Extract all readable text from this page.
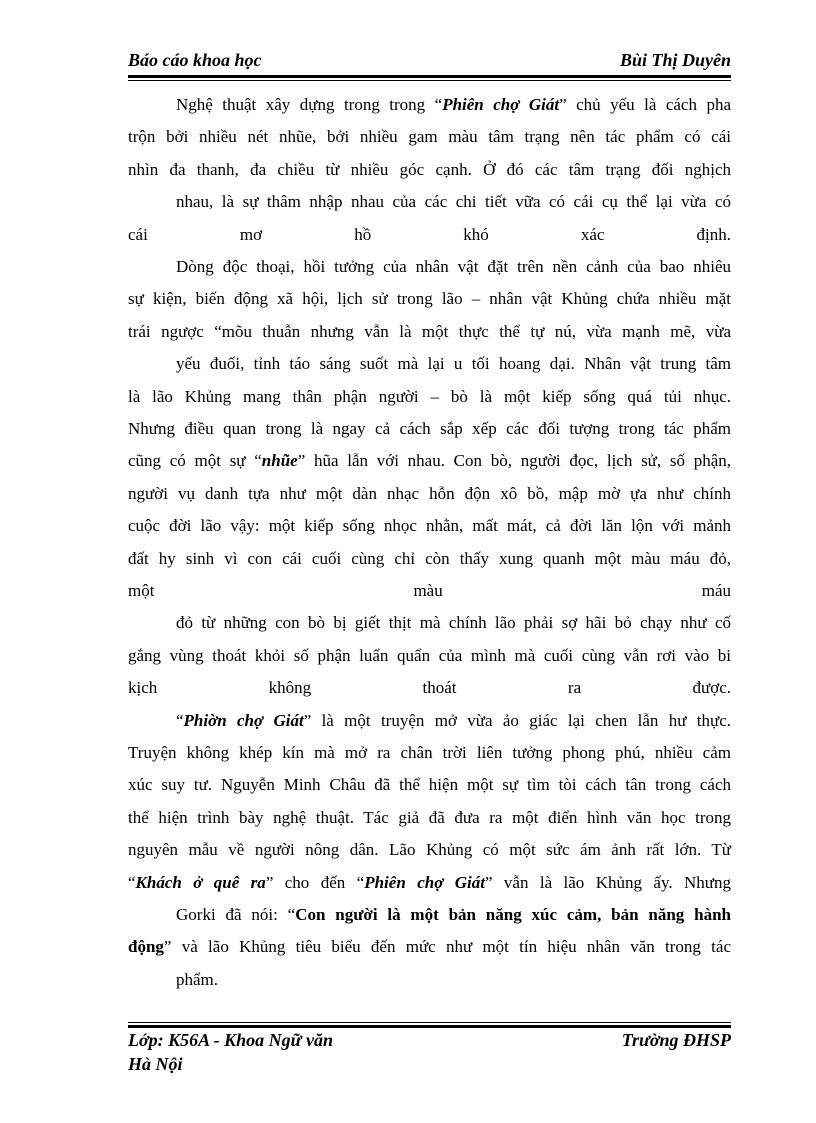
Báo cáo khoa học	Bùi Thị Duyên
Nghệ thuật xây dựng trong trong “Phiên chợ Giát” chủ yếu là cách pha
trộn bởi nhiều nét nhũe, bởi nhiều gam màu tâm trạng nên tác phẩm có cái
nhìn đa thanh, đa chiều từ nhiều góc cạnh. Ở đó các tâm trạng đối nghịch
nhau, là sự thâm nhập nhau của các chi tiết vữa có cái cụ thể lại vừa có
cái mơ hồ khó xác định.
Dòng độc thoại, hồi tưởng của nhân vật đặt trên nền cảnh của bao nhiêu
sự kiện, biến động xã hội, lịch sử trong lão – nhân vật Khủng chứa nhiều mặt
trái ngược “mõu thuẫn nhưng vẫn là một thực thể tự nú, vừa mạnh mẽ, vừa
yếu đuối, tỉnh táo sáng suốt mà lại u tối hoang dại. Nhân vật trung tâm
là lão Khủng mang thân phận người – bò là một kiếp sống quá tủi nhục.
Nhưng điều quan trong là ngay cả cách sắp xếp các đối tượng trong tác phẩm
cũng có một sự “nhũe” hũa lẫn với nhau. Con bò, người đọc, lịch sử, số phận,
người vụ danh tựa như một dàn nhạc hỗn độn xô bồ, mập mờ ựa như chính
cuộc đời lão vậy: một kiếp sống nhọc nhằn, mất mát, cả đời lăn lộn với mảnh
đất hy sinh vì con cái cuối cùng chỉ còn thấy xung quanh một màu máu đỏ,
một màu máu
đỏ từ những con bò bị giết thịt mà chính lão phải sợ hãi bỏ chạy như cố
gắng vùng thoát khỏi số phận luẩn quẩn của mình mà cuối cùng vẫn rơi vào bi
kịch không thoát ra được.
“Phiờn chợ Giát” là một truyện mở vừa ảo giác lại chen lẫn hư thực.
Truyện không khép kín mà mở ra chân trời liên tưởng phong phú, nhiều cảm
xúc suy tư. Nguyễn Minh Châu đã thể hiện một sự tìm tòi cách tân trong cách
thể hiện trình bày nghệ thuật. Tác giả đã đưa ra một điển hình văn học trong
nguyên mẫu về người nông dân. Lão Khủng có một sức ám ảnh rất lớn. Từ
“Khách ở quê ra” cho đến “Phiên chợ Giát” vẫn là lão Khủng ấy. Nhưng
Gorki đã nói: “Con người là một bản năng xúc cảm, bản năng hành
động” và lão Khủng tiêu biểu đến mức như một tín hiệu nhân văn trong tác
phẩm.
Lớp: K56A - Khoa Ngữ văn
Hà Nội
Trường ĐHSP
